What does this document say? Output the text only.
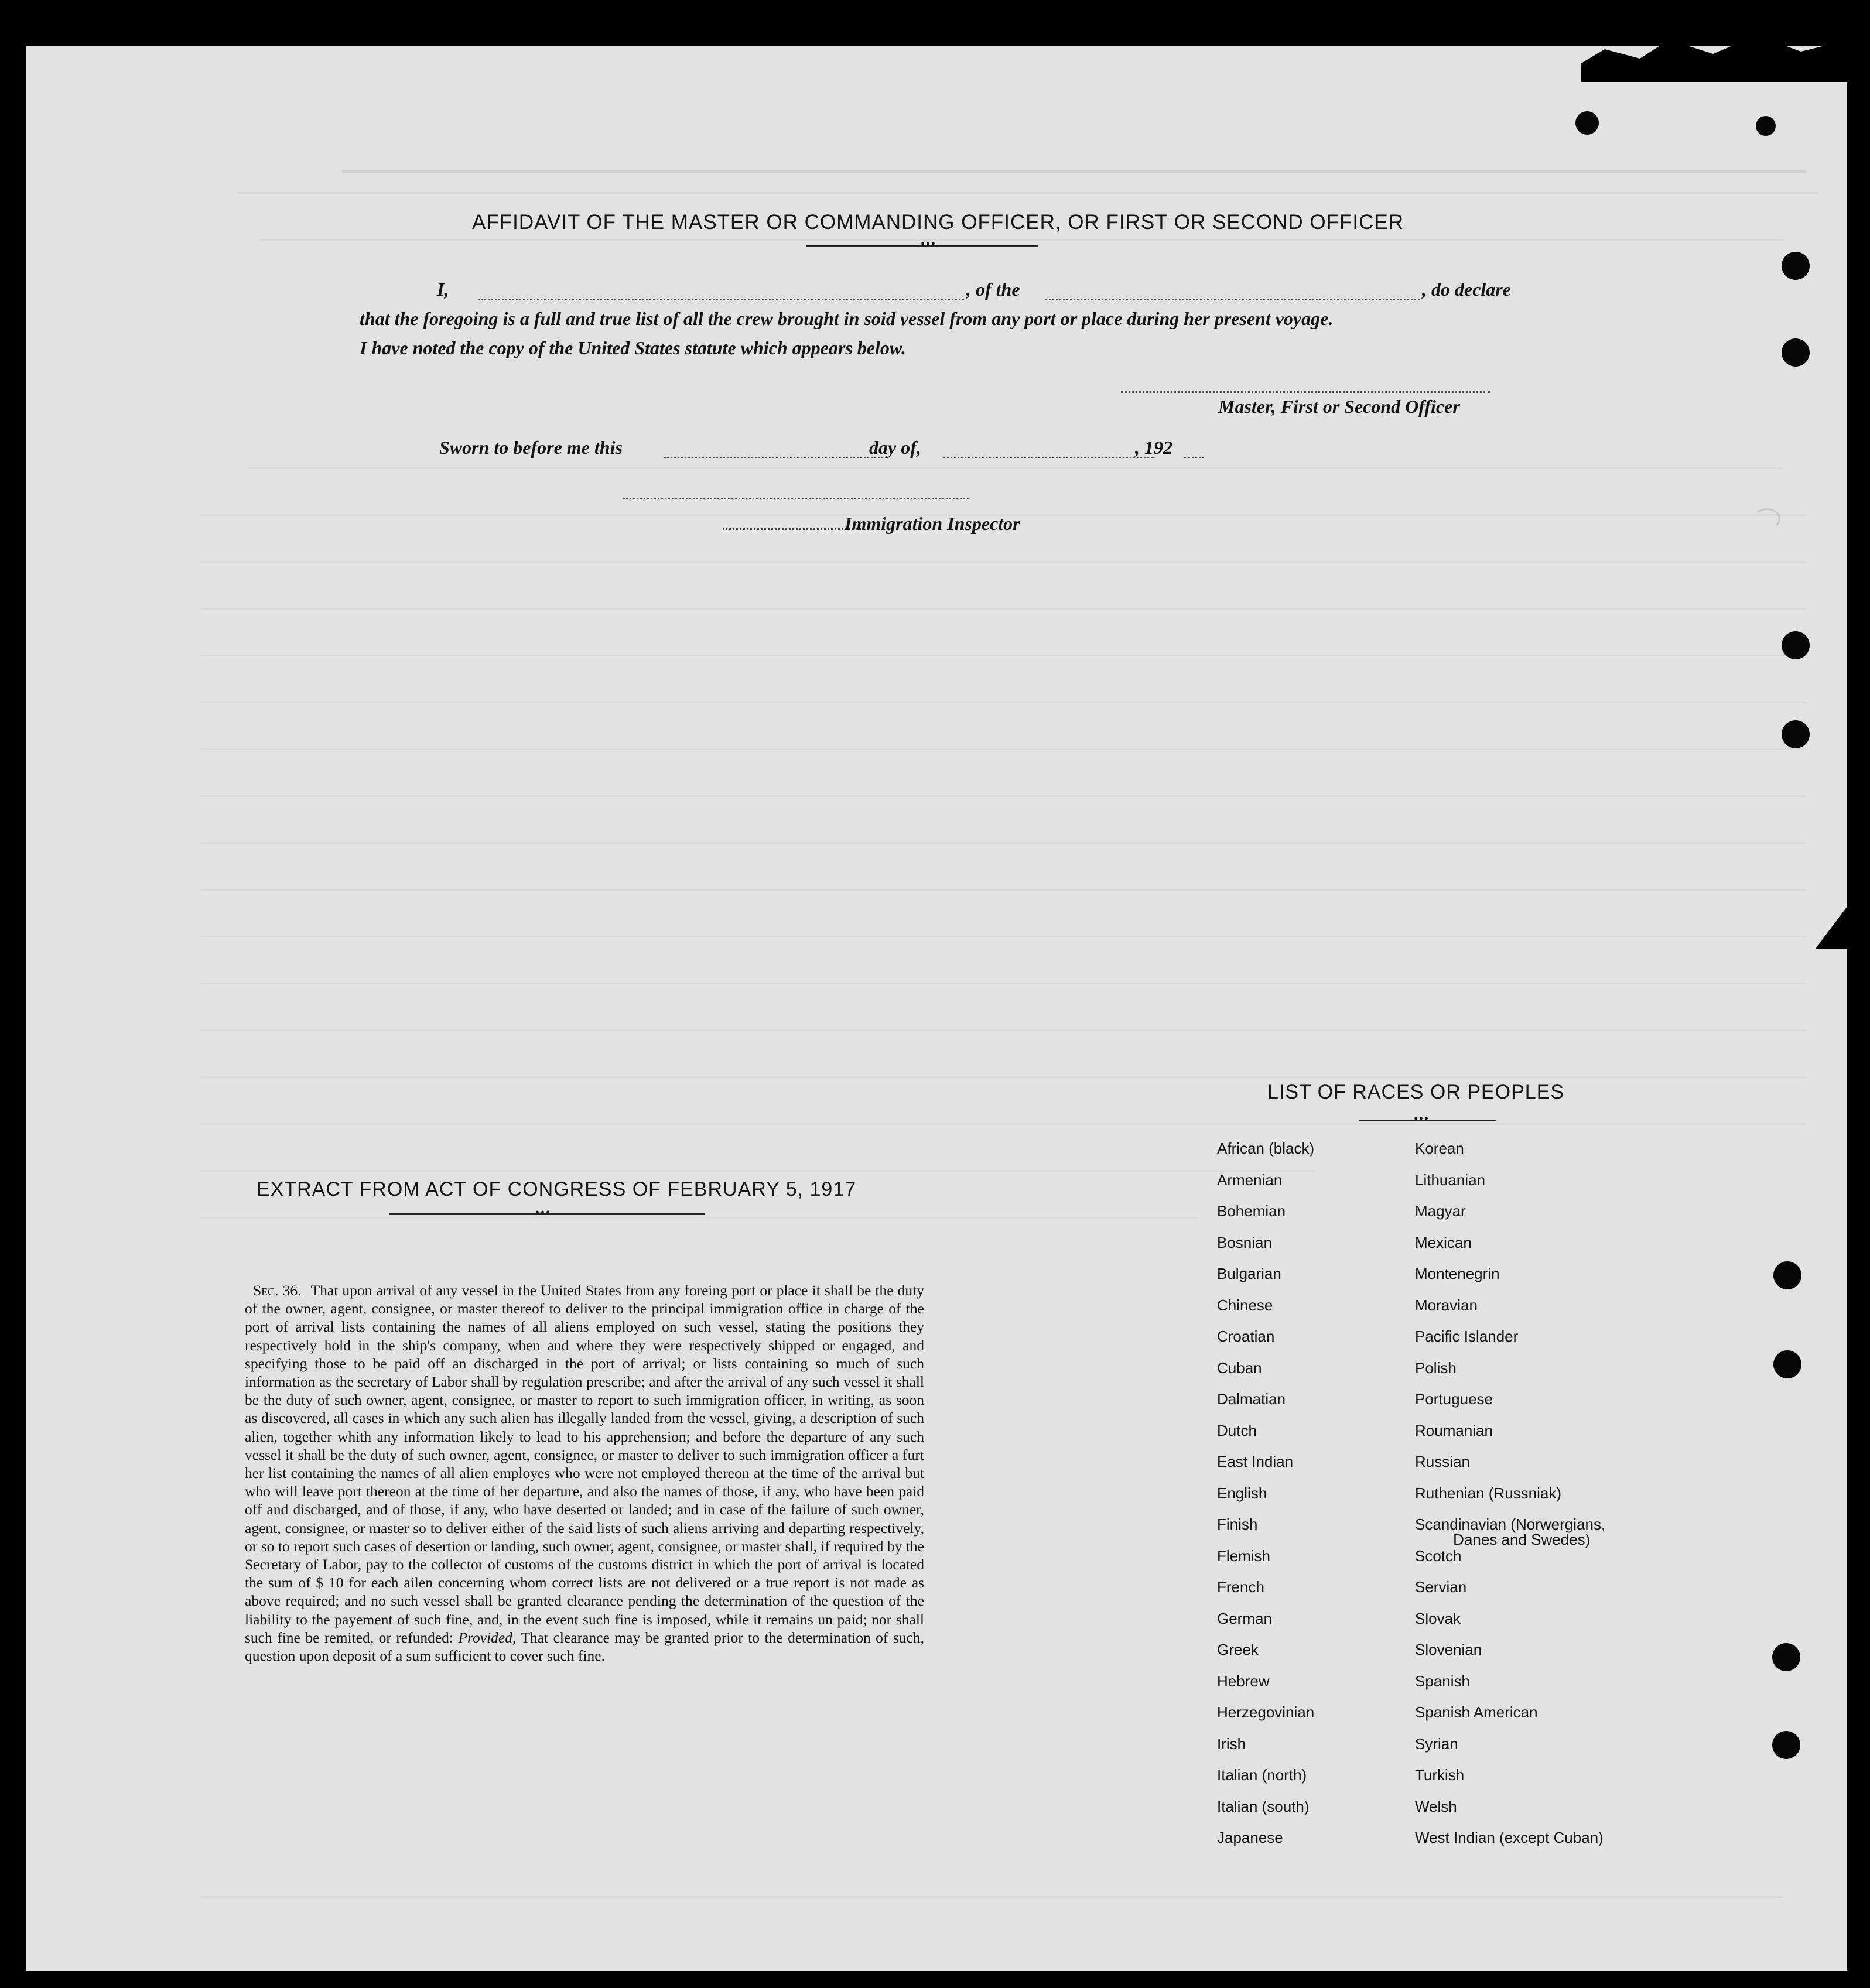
AFFIDAVIT OF THE MASTER OR COMMANDING OFFICER, OR FIRST OR SECOND OFFICER
•••
I,	, of the	, do declare
that the foregoing is a full and true list of all the crew brought in soid vessel from any port or place during her present voyage.
I have noted the copy of the United States statute which appears below.
Master, First or Second Officer
Sworn to before me this	day of,	, 192
Immigration Inspector
EXTRACT FROM ACT OF CONGRESS OF FEBRUARY 5, 1917
•••
Sec. 36. That upon arrival of any vessel in the United States from any foreing port or place it shall be the duty of the owner, agent, consignee, or master thereof to deliver to the principal immigration office in charge of the port of arrival lists containing the names of all aliens employed on such vessel, stating the positions they respectively hold in the ship's company, when and where they were respectively shipped or engaged, and specifying those to be paid off an discharged in the port of arrival; or lists containing so much of such information as the secretary of Labor shall by regulation prescribe; and after the arrival of any such vessel it shall be the duty of such owner, agent, consignee, or master to report to such immigration officer, in writing, as soon as discovered, all cases in which any such alien has illegally landed from the vessel, giving, a description of such alien, together whith any information likely to lead to his apprehension; and before the departure of any such vessel it shall be the duty of such owner, agent, consignee, or master to deliver to such immigration officer a furt her list containing the names of all alien employes who were not employed thereon at the time of the arrival but who will leave port thereon at the time of her departure, and also the names of those, if any, who have been paid off and discharged, and of those, if any, who have deserted or landed; and in case of the failure of such owner, agent, consignee, or master so to deliver either of the said lists of such aliens arriving and departing respectively, or so to report such cases of desertion or landing, such owner, agent, consignee, or master shall, if required by the Secretary of Labor, pay to the collector of customs of the customs district in which the port of arrival is located the sum of $ 10 for each ailen concerning whom correct lists are not delivered or a true report is not made as above required; and no such vessel shall be granted clearance pending the determination of the question of the liability to the payement of such fine, and, in the event such fine is imposed, while it remains un paid; nor shall such fine be remited, or refunded: Provided, That clearance may be granted prior to the determination of such, question upon deposit of a sum sufficient to cover such fine.
LIST OF RACES OR PEOPLES
•••
African (black)
Armenian
Bohemian
Bosnian
Bulgarian
Chinese
Croatian
Cuban
Dalmatian
Dutch
East Indian
English
Finish
Flemish
French
German
Greek
Hebrew
Herzegovinian
Irish
Italian (north)
Italian (south)
Japanese
Korean
Lithuanian
Magyar
Mexican
Montenegrin
Moravian
Pacific Islander
Polish
Portuguese
Roumanian
Russian
Ruthenian (Russniak)
Scandinavian (Norwergians,
Danes and Swedes)
Scotch
Servian
Slovak
Slovenian
Spanish
Spanish American
Syrian
Turkish
Welsh
West Indian (except Cuban)
